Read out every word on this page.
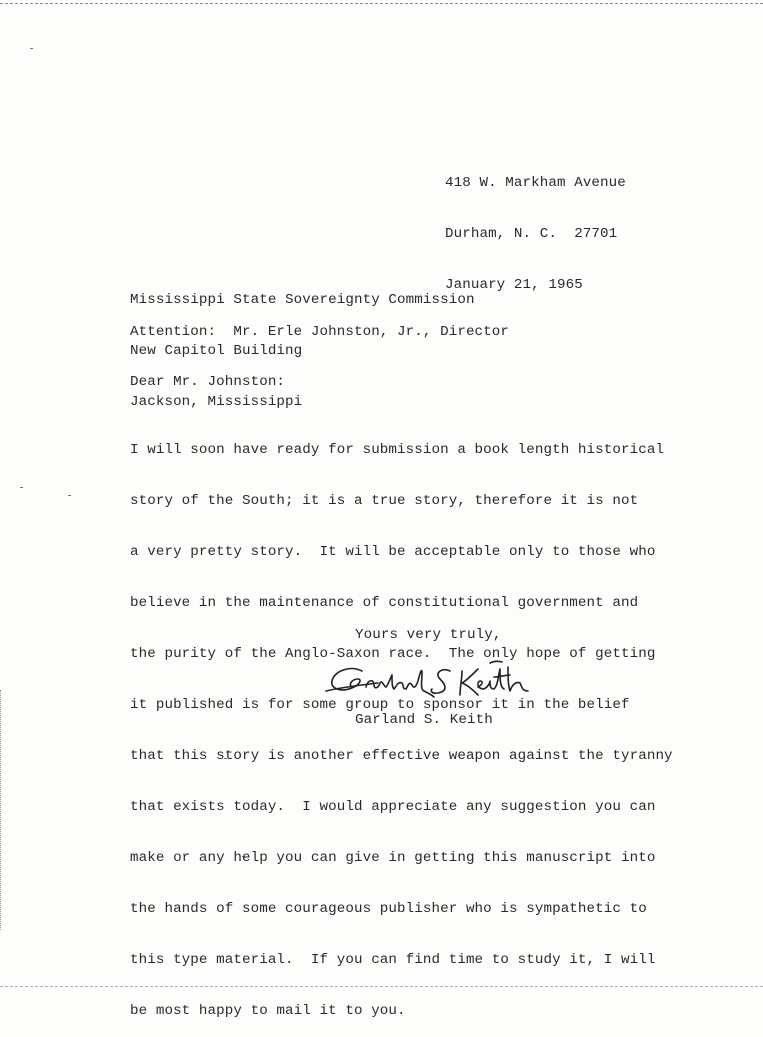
418 W. Markham Avenue

Durham, N. C.  27701

January 21, 1965

Mississippi State Sovereignty Commission

New Capitol Building

Jackson, Mississippi

Attention:  Mr. Erle Johnston, Jr., Director
Dear Mr. Johnston:

I will soon have ready for submission a book length historical

story of the South; it is a true story, therefore it is not

a very pretty story.  It will be acceptable only to those who

believe in the maintenance of constitutional government and

the purity of the Anglo-Saxon race.  The only hope of getting

it published is for some group to sponsor it in the belief

that this story is another effective weapon against the tyranny

that exists today.  I would appreciate any suggestion you can

make or any help you can give in getting this manuscript into

the hands of some courageous publisher who is sympathetic to

this type material.  If you can find time to study it, I will

be most happy to mail it to you.

Yours very truly,
Garland S. Keith
